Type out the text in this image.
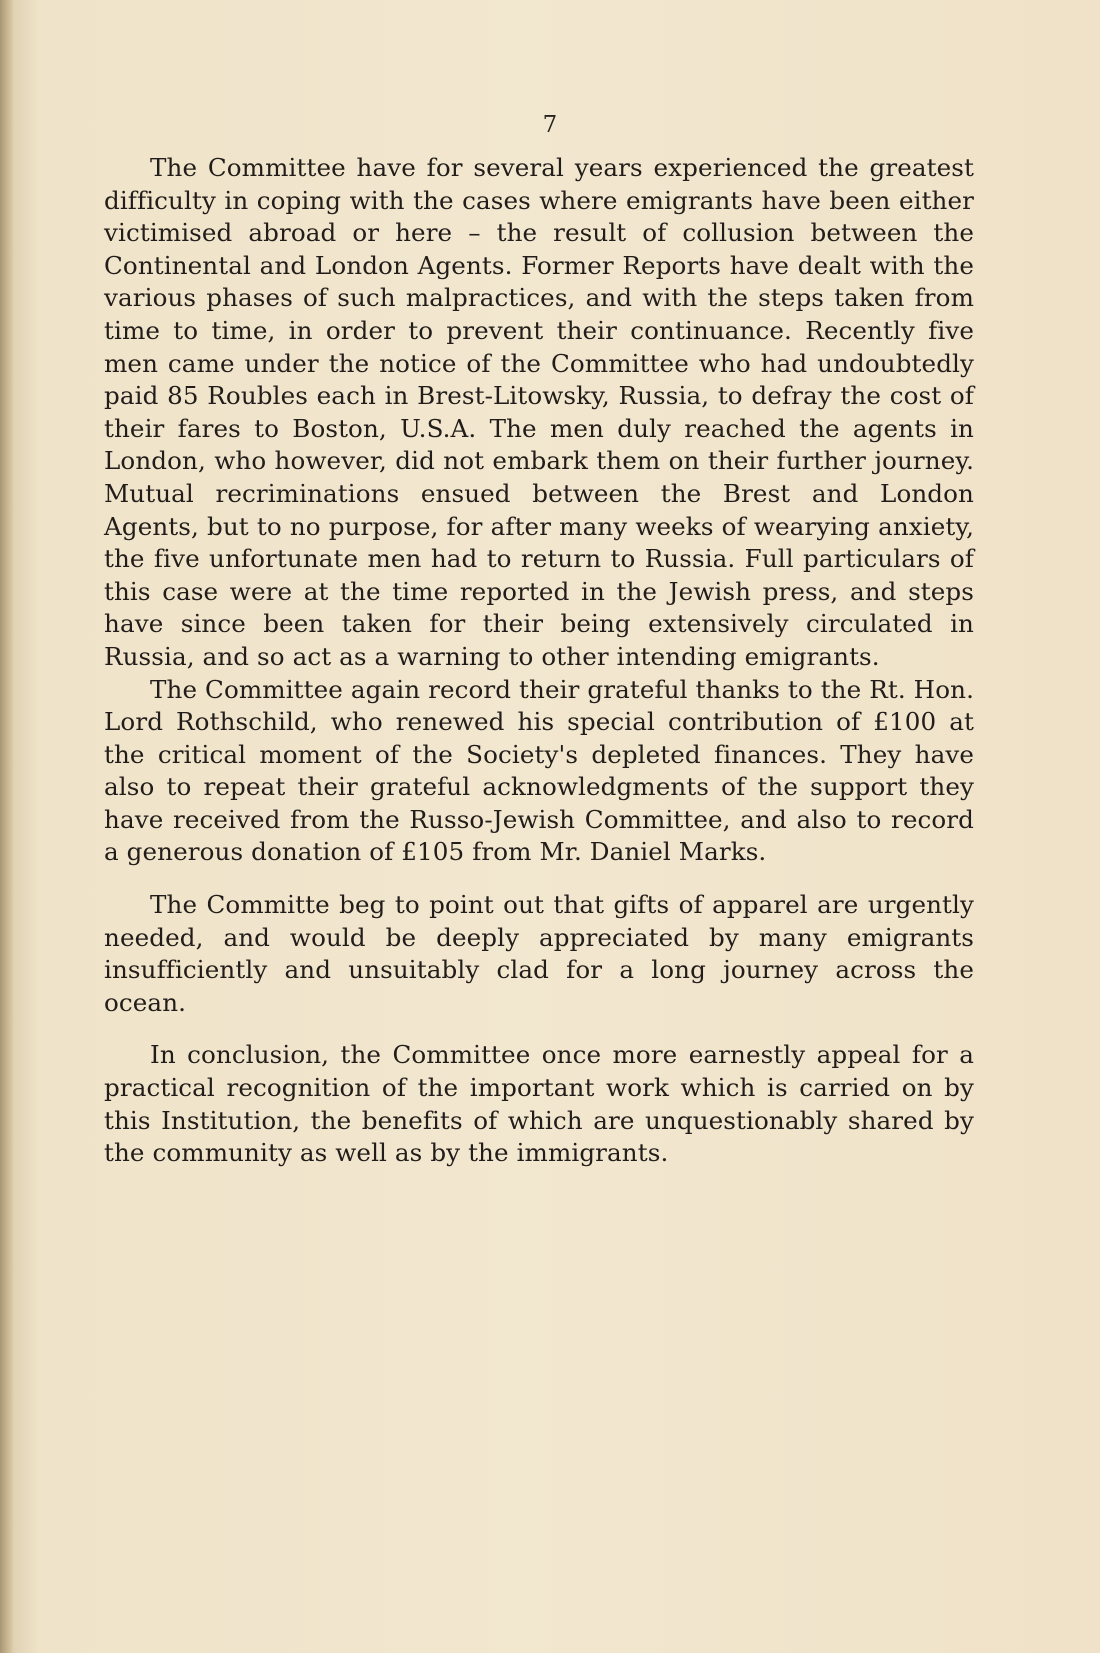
7

The Committee have for several years experienced the greatest difficulty in coping with the cases where emigrants have been either victimised abroad or here – the result of collusion between the Continental and London Agents. Former Reports have dealt with the various phases of such malpractices, and with the steps taken from time to time, in order to prevent their continuance. Recently five men came under the notice of the Committee who had undoubtedly paid 85 Roubles each in Brest-Litowsky, Russia, to defray the cost of their fares to Boston, U.S.A. The men duly reached the agents in London, who however, did not embark them on their further journey. Mutual recriminations ensued between the Brest and London Agents, but to no purpose, for after many weeks of wearying anxiety, the five unfortunate men had to return to Russia. Full particulars of this case were at the time reported in the Jewish press, and steps have since been taken for their being extensively circulated in Russia, and so act as a warning to other intending emigrants.

The Committee again record their grateful thanks to the Rt. Hon. Lord Rothschild, who renewed his special contribution of £100 at the critical moment of the Society's depleted finances. They have also to repeat their grateful acknowledgments of the support they have received from the Russo-Jewish Committee, and also to record a generous donation of £105 from Mr. Daniel Marks.

The Committe beg to point out that gifts of apparel are urgently needed, and would be deeply appreciated by many emigrants insufficiently and unsuitably clad for a long journey across the ocean.

In conclusion, the Committee once more earnestly appeal for a practical recognition of the important work which is carried on by this Institution, the benefits of which are unquestionably shared by the community as well as by the immigrants.
